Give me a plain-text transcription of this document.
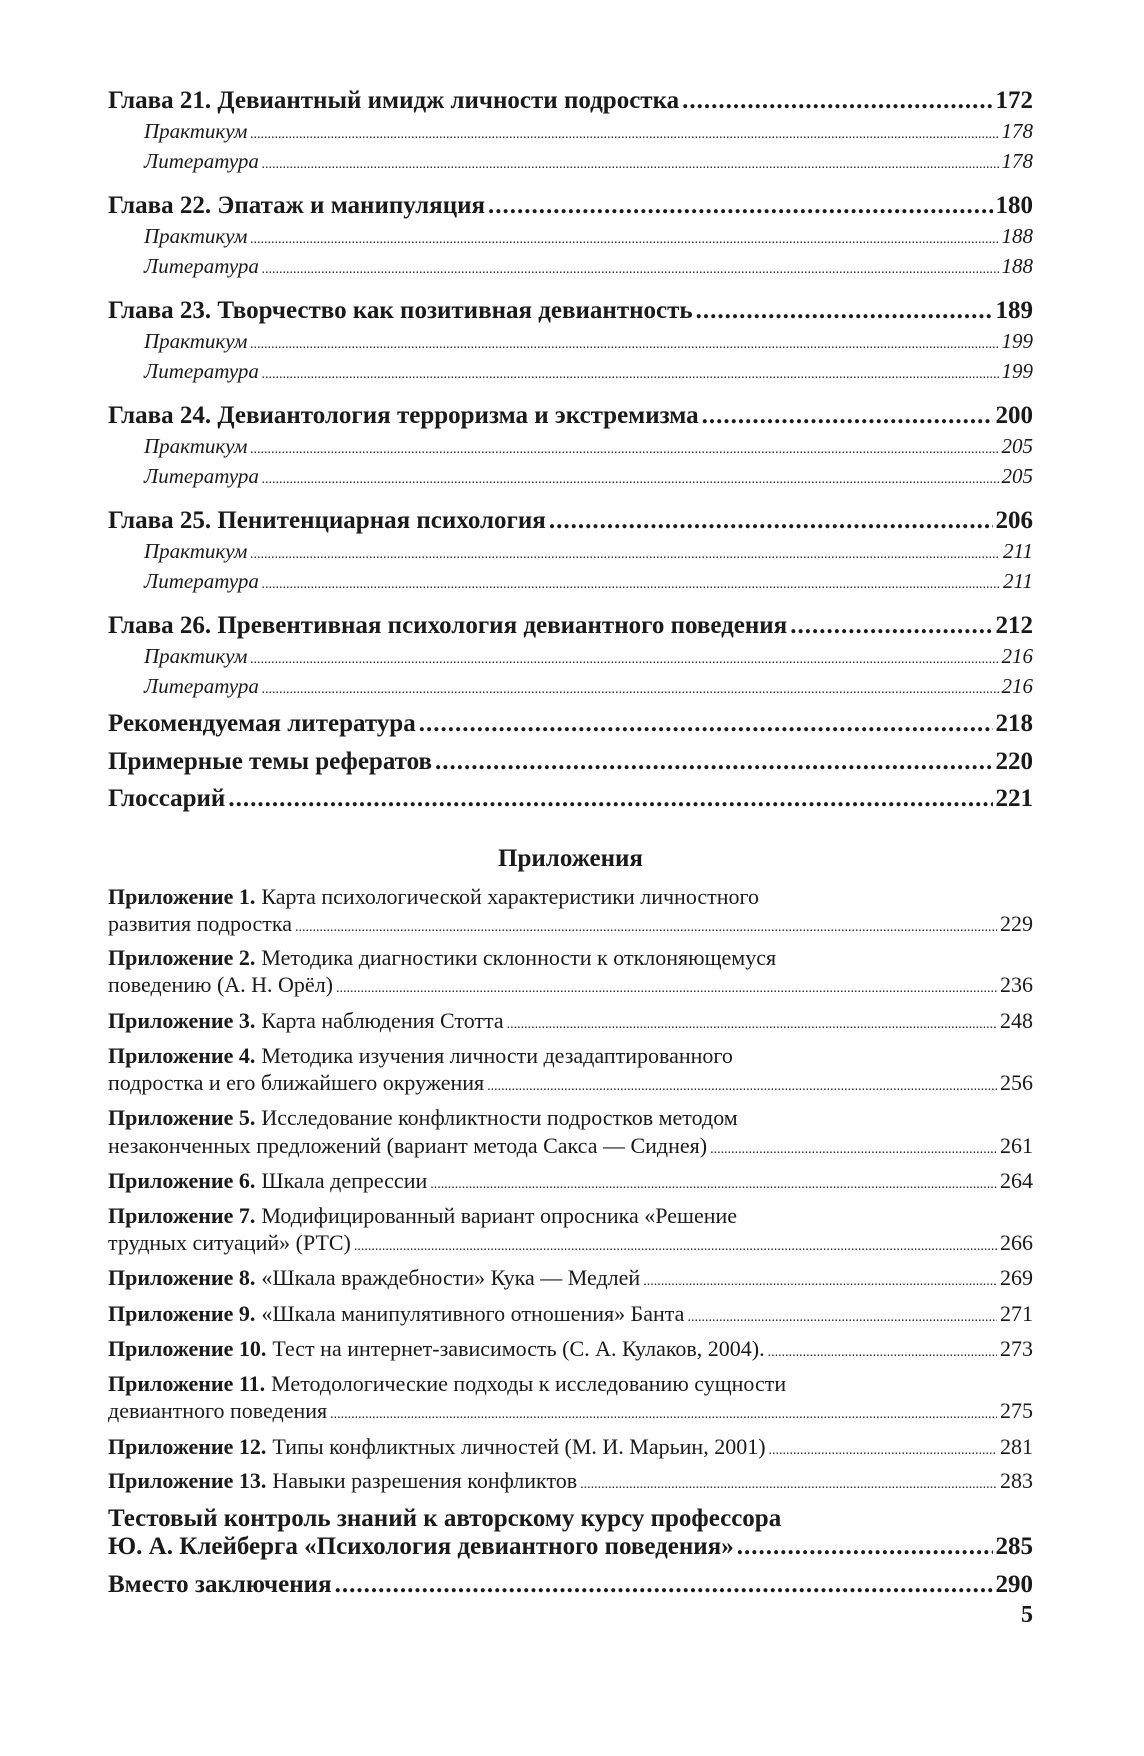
Глава 21. Девиантный имидж личности подростка .....	172
Практикум .....	178
Литература .....	178
Глава 22. Эпатаж и манипуляция .....	180
Практикум .....	188
Литература .....	188
Глава 23. Творчество как позитивная девиантность .....	189
Практикум .....	199
Литература .....	199
Глава 24. Девиантология терроризма и экстремизма .....	200
Практикум .....	205
Литература .....	205
Глава 25. Пенитенциарная психология .....	206
Практикум .....	211
Литература .....	211
Глава 26. Превентивная психология девиантного поведения .....	212
Практикум .....	216
Литература .....	216
Рекомендуемая литература .....	218
Примерные темы рефератов .....	220
Глоссарий .....	221
Приложение 1. Карта психологической характеристики личностного
развития подростка .....	229
Приложение 2. Методика диагностики склонности к отклоняющемуся
поведению (А. Н. Орёл) .....	236
Приложение 3. Карта наблюдения Стотта .....	248
Приложение 4. Методика изучения личности дезадаптированного
подростка и его ближайшего окружения .....	256
Приложение 5. Исследование конфликтности подростков методом
незаконченных предложений (вариант метода Сакса — Сиднея) .....	261
Приложение 6. Шкала депрессии .....	264
Приложение 7. Модифицированный вариант опросника «Решение
трудных ситуаций» (РТС) .....	266
Приложение 8. «Шкала враждебности» Кука — Медлей .....	269
Приложение 9. «Шкала манипулятивного отношения» Банта .....	271
Приложение 10. Тест на интернет-зависимость (С. А. Кулаков, 2004). .....	273
Приложение 11. Методологические подходы к исследованию сущности
девиантного поведения .....	275
Приложение 12. Типы конфликтных личностей (М. И. Марьин, 2001) .....	281
Приложение 13. Навыки разрешения конфликтов .....	283
Тестовый контроль знаний к авторскому курсу профессора
Ю. А. Клейберга «Психология девиантного поведения» .....	285
Вместо заключения .....	290
Приложения
5
